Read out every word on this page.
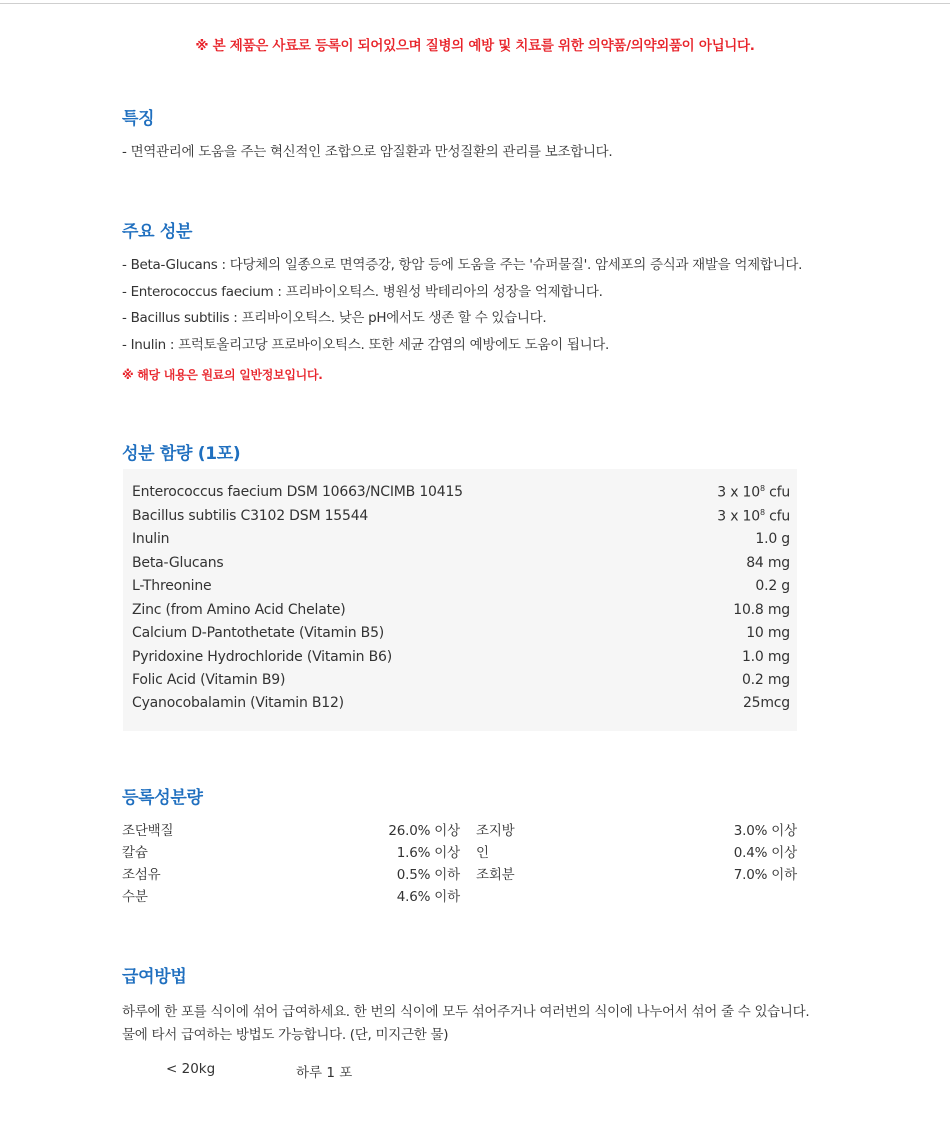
※ 본 제품은 사료로 등록이 되어있으며 질병의 예방 및 치료를 위한 의약품/의약외품이 아닙니다.
특징
- 면역관리에 도움을 주는 혁신적인 조합으로 암질환과 만성질환의 관리를 보조합니다.
주요 성분
- Beta-Glucans : 다당체의 일종으로 면역증강, 항암 등에 도움을 주는 '슈퍼물질'. 암세포의 증식과 재발을 억제합니다.
- Enterococcus faecium : 프리바이오틱스. 병원성 박테리아의 성장을 억제합니다.
- Bacillus subtilis : 프리바이오틱스. 낮은 pH에서도 생존 할 수 있습니다.
- Inulin : 프럭토올리고당 프로바이오틱스. 또한 세균 감염의 예방에도 도움이 됩니다.
※ 해당 내용은 원료의 일반정보입니다.
성분 함량 (1포)
Enterococcus faecium DSM 10663/NCIMB 10415	3 x $10^8$ cfu
Bacillus subtilis C3102 DSM 15544	3 x $10^8$ cfu
Inulin	1.0 g
Beta-Glucans	84 mg
L-Threonine	0.2 g
Zinc (from Amino Acid Chelate)	10.8 mg
Calcium D-Pantothetate (Vitamin B5)	10 mg
Pyridoxine Hydrochloride (Vitamin B6)	1.0 mg
Folic Acid (Vitamin B9)	0.2 mg
Cyanocobalamin (Vitamin B12)	25mcg
등록성분량
조단백질	26.0% 이상 조지방	3.0% 이상
칼슘	1.6% 이상 인	0.4% 이상
조섬유	0.5% 이하 조회분	7.0% 이하
수분	4.6% 이하
급여방법
하루에 한 포를 식이에 섞어 급여하세요. 한 번의 식이에 모두 섞어주거나 여러번의 식이에 나누어서 섞어 줄 수 있습니다.
물에 타서 급여하는 방법도 가능합니다. (단, 미지근한 물)
< 20kg	하루 1 포
